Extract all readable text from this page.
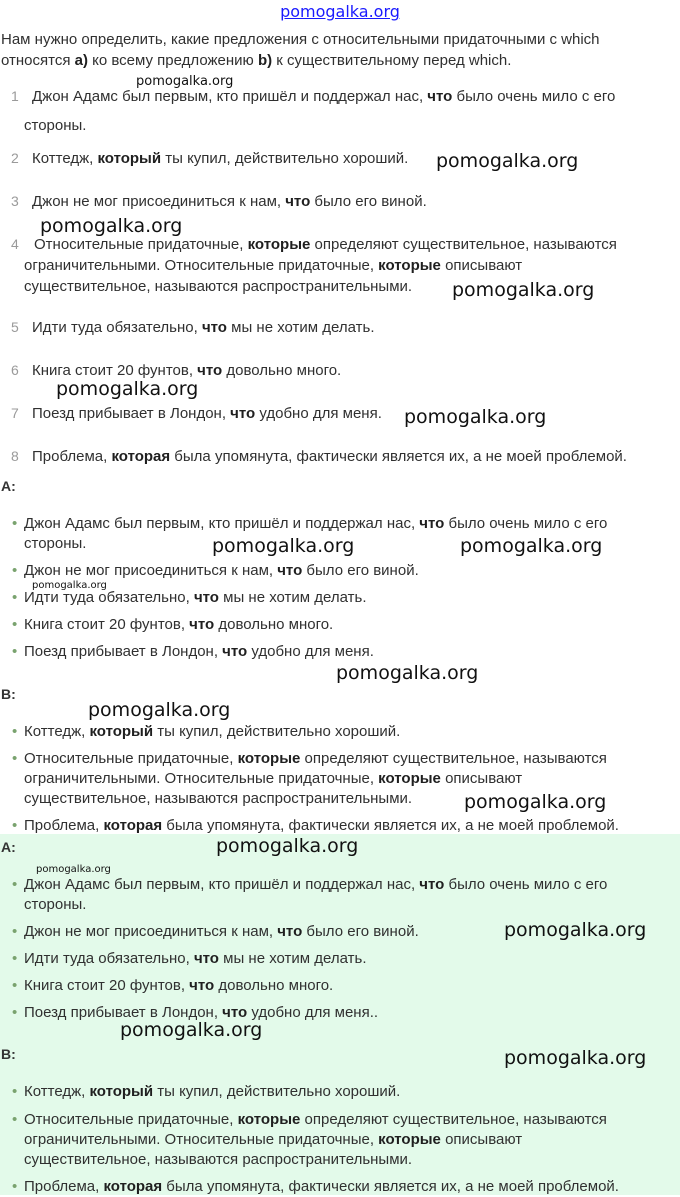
pomogalka.org
Нам нужно определить, какие предложения с относительными придаточными с which
относятся a) ко всему предложению b) к существительному перед which.
1 Джон Адамс был первым, кто пришёл и поддержал нас, что было очень мило с его
стороны.
2 Коттедж, который ты купил, действительно хороший.
3 Джон не мог присоединиться к нам, что было его виной.
4	Относительные придаточные, которые определяют существительное, называются
ограничительными. Относительные придаточные, которые описывают
существительное, называются распространительными.
5 Идти туда обязательно, что мы не хотим делать.
6 Книга стоит 20 фунтов, что довольно много.
7 Поезд прибывает в Лондон, что удобно для меня.
8 Проблема, которая была упомянута, фактически является их, а не моей проблемой.
A:
• Джон Адамс был первым, кто пришёл и поддержал нас, что было очень мило с его
стороны.
• Джон не мог присоединиться к нам, что было его виной.
• Идти туда обязательно, что мы не хотим делать.
• Книга стоит 20 фунтов, что довольно много.
• Поезд прибывает в Лондон, что удобно для меня.
B:
• Коттедж, который ты купил, действительно хороший.
• Относительные придаточные, которые определяют существительное, называются
ограничительными. Относительные придаточные, которые описывают
существительное, называются распространительными.
• Проблема, которая была упомянута, фактически является их, а не моей проблемой.
A:
• Джон Адамс был первым, кто пришёл и поддержал нас, что было очень мило с его
стороны.
• Джон не мог присоединиться к нам, что было его виной.
• Идти туда обязательно, что мы не хотим делать.
• Книга стоит 20 фунтов, что довольно много.
• Поезд прибывает в Лондон, что удобно для меня..
B:
• Коттедж, который ты купил, действительно хороший.
• Относительные придаточные, которые определяют существительное, называются
ограничительными. Относительные придаточные, которые описывают
существительное, называются распространительными.
• Проблема, которая была упомянута, фактически является их, а не моей проблемой.
pomogalka.org
pomogalka.org
pomogalka.org
pomogalka.org
pomogalka.org
pomogalka.org
pomogalka.org	pomogalka.org
pomogalka.org
pomogalka.org
pomogalka.org
pomogalka.org
pomogalka.org
pomogalka.org
pomogalka.org
pomogalka.org
pomogalka.org
